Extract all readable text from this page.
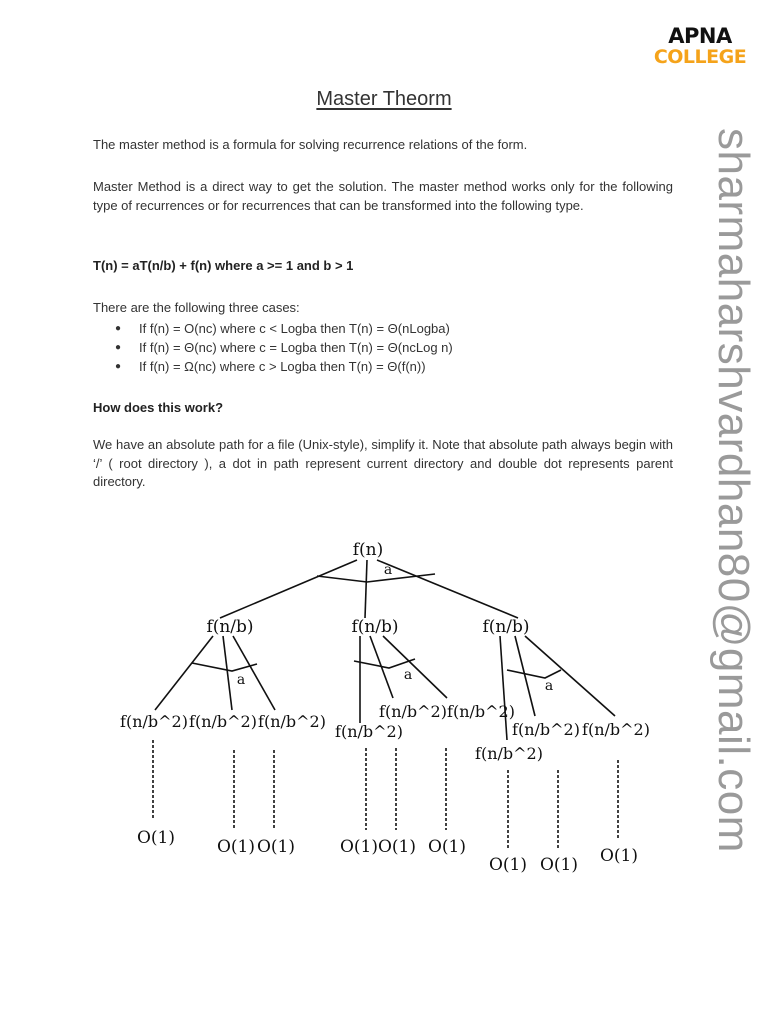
APNA
COLLEGE
sharmaharshvardhan80@gmail.com
Master Theorm

The master method is a formula for solving recurrence relations of the form.

Master Method is a direct way to get the solution. The master method works only for the following type of recurrences or for recurrences that can be transformed into the following type.

T(n) = aT(n/b) + f(n) where a >= 1 and b > 1

There are the following three cases:

● If f(n) = O(nc) where c < Logba then T(n) = Θ(nLogba)
● If f(n) = Θ(nc) where c = Logba then T(n) = Θ(ncLog n)
● If f(n) = Ω(nc) where c > Logba then T(n) = Θ(f(n))

How does this work?

We have an absolute path for a file (Unix-style), simplify it. Note that absolute path always begin with ‘/’ ( root directory ), a dot in path represent current directory and double dot represents parent directory.

f(n)
a
f(n/b)	f(n/b)	f(n/b)
a	a
a
f(n/b^2) f(n/b^2) f(n/b^2)
f(n/b^2)
f(n/b^2) f(n/b^2)
f(n/b^2)
f(n/b^2) f(n/b^2)
O(1) O(1) O(1)	O(1) O(1) O(1)
O(1) O(1) O(1)
